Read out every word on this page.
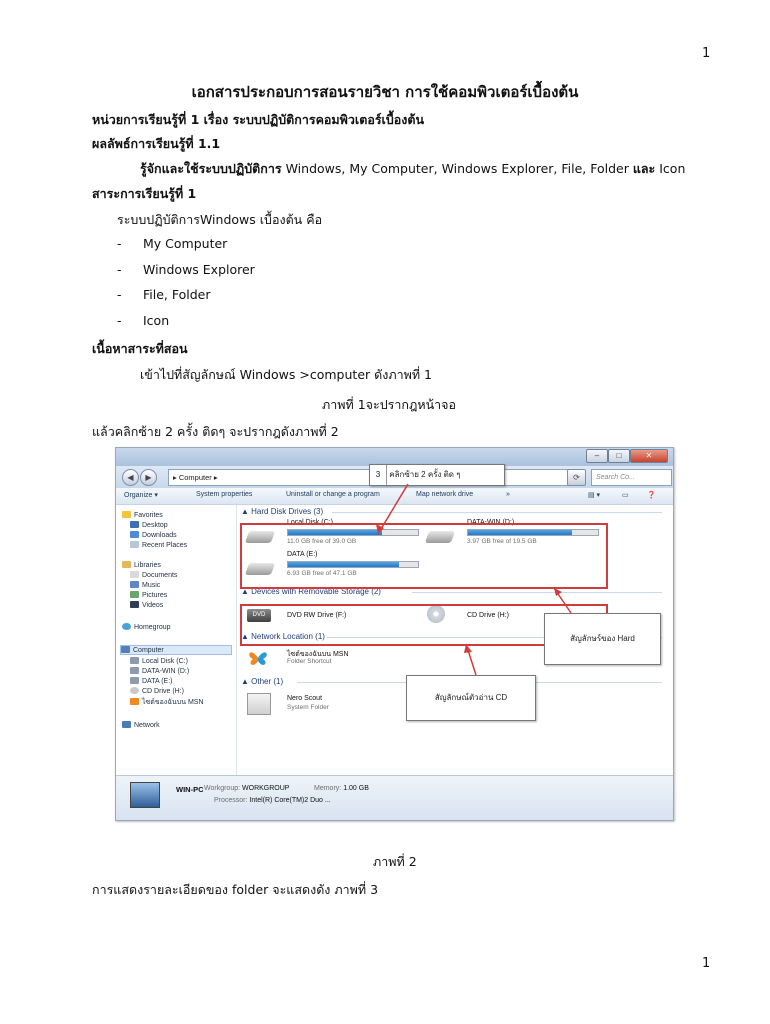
1
1
เอกสารประกอบการสอนรายวิชา การใช้คอมพิวเตอร์เบื้องต้น
หน่วยการเรียนรู้ที่ 1 เรื่อง ระบบปฏิบัติการคอมพิวเตอร์เบื้องต้น
ผลลัพธ์การเรียนรู้ที่ 1.1
รู้จักและใช้ระบบปฏิบัติการ Windows, My Computer, Windows Explorer, File, Folder และ Icon
สาระการเรียนรู้ที่ 1
ระบบปฏิบัติการWindows เบื้องต้น คือ
- My Computer
- Windows Explorer
- File, Folder
- Icon
เนื้อหาสาระที่สอน
เข้าไปที่สัญลักษณ์ Windows >computer ดังภาพที่ 1
ภาพที่ 1จะปรากฎหน้าจอ
แล้วคลิกซ้าย 2 ครั้ง ติดๆ จะปรากฎดังภาพที่ 2
–	□	✕
◀	▶	▸ Computer ▸	⟳	Search Co...
Organize ▾	System properties	Uninstall or change a program	Map network drive	»	▤ ▾	▭	❓
Favorites
Desktop
Downloads
Recent Places
Libraries
Documents
Music
Pictures
Videos
Homegroup
Computer
Local Disk (C:)
DATA-WIN (D:)
DATA (E:)
CD Drive (H:)
ไซต์ของฉันบน MSN
Network
▲ Hard Disk Drives (3)
Local Disk (C:)
11.0 GB free of 39.0 GB
DATA-WIN (D:)
3.97 GB free of 19.5 GB
DATA (E:)
6.93 GB free of 47.1 GB
▲ Devices with Removable Storage (2)
DVD	DVD RW Drive (F:)	CD Drive (H:)
▲ Network Location (1)
ไซต์ของฉันบน MSN
Folder Shortcut
▲ Other (1)
Nero Scout
System Folder
WIN-PC Workgroup: WORKGROUP	Memory: 1.00 GB
Processor: Intel(R) Core(TM)2 Duo ...
3 คลิกซ้าย 2 ครั้ง ติด ๆ
สัญลักษร์ของ Hard
สัญลักษณ์ตัวอ่าน CD
ภาพที่ 2
การแสดงรายละเอียดของ folder จะแสดงดัง ภาพที่ 3
